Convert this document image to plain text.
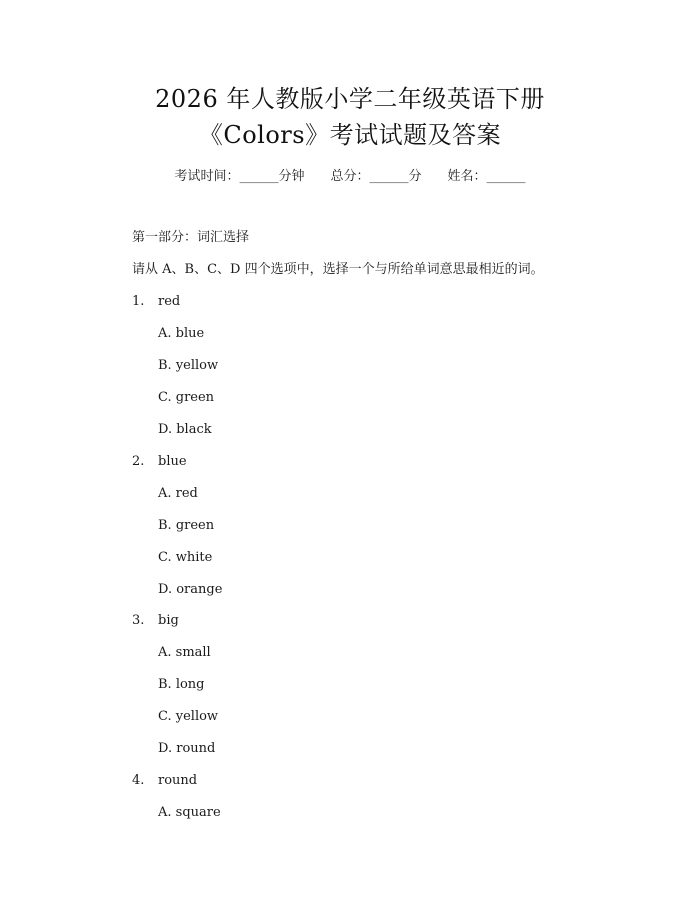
2026 年人教版小学二年级英语下册
《Colors》考试试题及答案
考试时间：______分钟 总分：______分 姓名：______
第一部分：词汇选择
请从 A、B、C、D 四个选项中，选择一个与所给单词意思最相近的词。
1. red
A. blue
B. yellow
C. green
D. black
2. blue
A. red
B. green
C. white
D. orange
3. big
A. small
B. long
C. yellow
D. round
4. round
A. square
